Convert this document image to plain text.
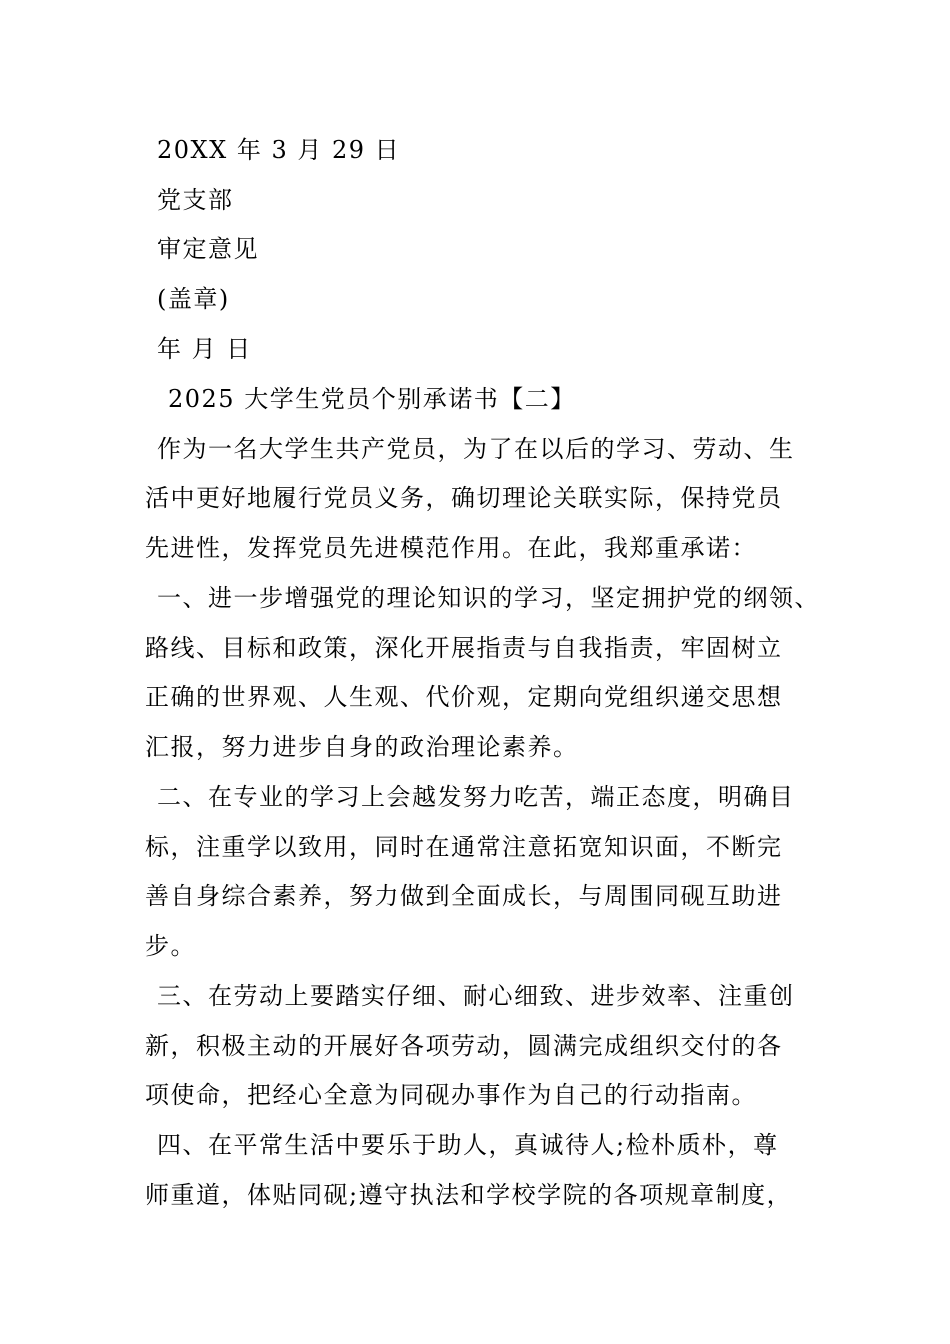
20XX 年 3 月 29 日
党支部
审定意见
(盖章)
年 月 日
2025 大学生党员个别承诺书【二】
作为一名大学生共产党员，为了在以后的学习、劳动、生
活中更好地履行党员义务，确切理论关联实际，保持党员
先进性，发挥党员先进模范作用。在此，我郑重承诺：
一、进一步增强党的理论知识的学习，坚定拥护党的纲领、
路线、目标和政策，深化开展指责与自我指责，牢固树立
正确的世界观、人生观、代价观，定期向党组织递交思想
汇报，努力进步自身的政治理论素养。
二、在专业的学习上会越发努力吃苦，端正态度，明确目
标，注重学以致用，同时在通常注意拓宽知识面，不断完
善自身综合素养，努力做到全面成长，与周围同砚互助进
步。
三、在劳动上要踏实仔细、耐心细致、进步效率、注重创
新，积极主动的开展好各项劳动，圆满完成组织交付的各
项使命，把经心全意为同砚办事作为自己的行动指南。
四、在平常生活中要乐于助人，真诚待人;检朴质朴，尊
师重道，体贴同砚;遵守执法和学校学院的各项规章制度，
